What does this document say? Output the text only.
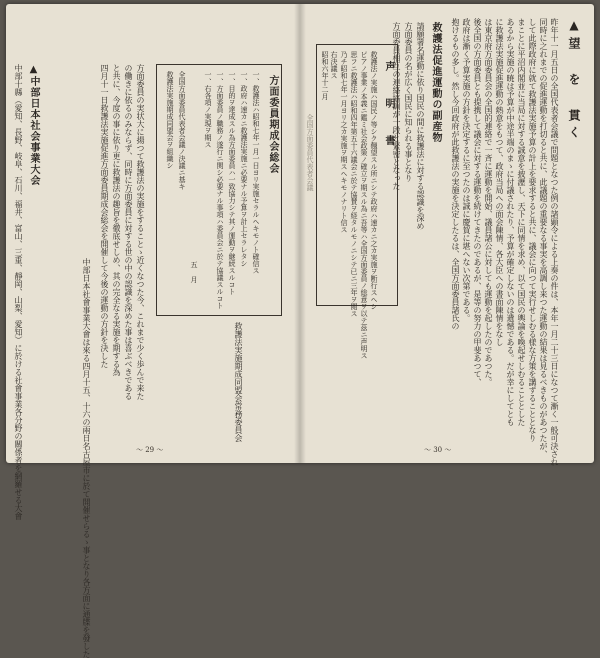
▲望 を 貫く
昨年十一月五日の全国代表者会議で問題となつた例の諸顕令による上奏の件は、本年一月二十三日になつて漸く一般可決され
同時に之れまでの促進運動を打切ると共に、此議題の重要なる事実を高調し来つた運動の結果は見るべきものがあつたが、
して此際政府に就て救護法実施予算の計上を要求すると共に、議会に向つて実行せしむる様な方策を講ずることとなり
まことに平沼内閣並に当局に対する誠意を披瀝し、天下に同情を求め、以て国民の輿論を喚起せしむることとした
あるから実施の暁は予算が中途半端のまゝに付議されたり、予算が確定しないのは遺憾である。だが幸にしてとも
に救護法実施促進運動の熱意をもつて、政府当局への面会陳情、各大臣への書面陳情をなし
は東京府方面委員会の全国的連絡で一斉に運動を開始、議員諸公に対しても運動を起したのであつた。
後全国の方面委員とも提携して議会に対する運動を続けてきたのであるが、是等の努力の甲斐あつて、
政府は漸く予算実施の方針を決定するに至つたのは誠に慶賀に堪へない次第である。
抱けるもの多し。然し今回政府が此救護法の実施を決定したるは、全国方面委員諸氏の
救護法促進運動の副産物
請願署名運動に依り国民の間に救護法に対する認識を深め
方面委員の名が広く国民に知られる事となり
方面委員相互の連絡協調が一段と緊密となった
声 明 書
救護法ノ実施ハ国民ノ等シク翹望スル所ニシテ政府ハ速カニ之カ実施ヲ断行スヘシ
ピアノ事業ノ本義ニ鑑ミ社会政策ノ確立ヲ期スル為ニ吾等ハ全国方面委員ノ総意ヲ以テ茲ニ声明ス
思フニ救護法ハ昭和四年第五十六議会ニ於テ協賛ヲ経タルモノニシテ已ニ三年ヲ閲ス
乃チ昭和七年一月ヨリ之カ実施ヲ期スヘキモノナリト信ス
右決議ス
昭和六年十二月
全国方面委員代表者会議
〜 30 〜
▲中部日本社会事業大会
中部十縣（愛知、長野、岐阜、石川、福井、富山、三重、靜岡、山梨、愛知）に於ける社會事業各分野の關係者を網羅せる大會	中部日本社會事業大會は來る四月十五、十六の兩日名古屋市に於て開催せらるゝ事となり各方面に通牒を發した
方面委員の実状大に揚つて救護法の実施をすることゝ近くなつた今、これまで少く歩んで来た
の働きに依るのみならず、同時に方面委員に対する世の中の認識を深めた事は喜ぶべきである
と共に、今度の事に依り更に救護法の趣旨を徹底せしめ、其の完全なる実施を期する為
四月十一日救護法実施促進方面委員期成会総会を開催して今後の運動の方針を決した	方面委員期成会総会
一、救護法ハ昭和七年一月一日ヨリ実施セラルヘキモノト確信ス
一、政府ハ速カニ救護法実施ニ必要ナル予算ヲ計上セラレタシ
一、目的ヲ達成スル為方面委員ハ一致協力シテ其ノ運動ヲ継続スルコト
一、方面委員ノ職務ノ遂行ニ関シ必要ナル事項ハ委員会ニ於テ協議スルコト
一、右各項ノ実現ヲ期ス
五 月
全国方面委員代表者会議ノ決議ニ基キ
救護法実施期成同盟会ヲ組織シ
救護法実施期成同盟会常務委員会
〜 29 〜
